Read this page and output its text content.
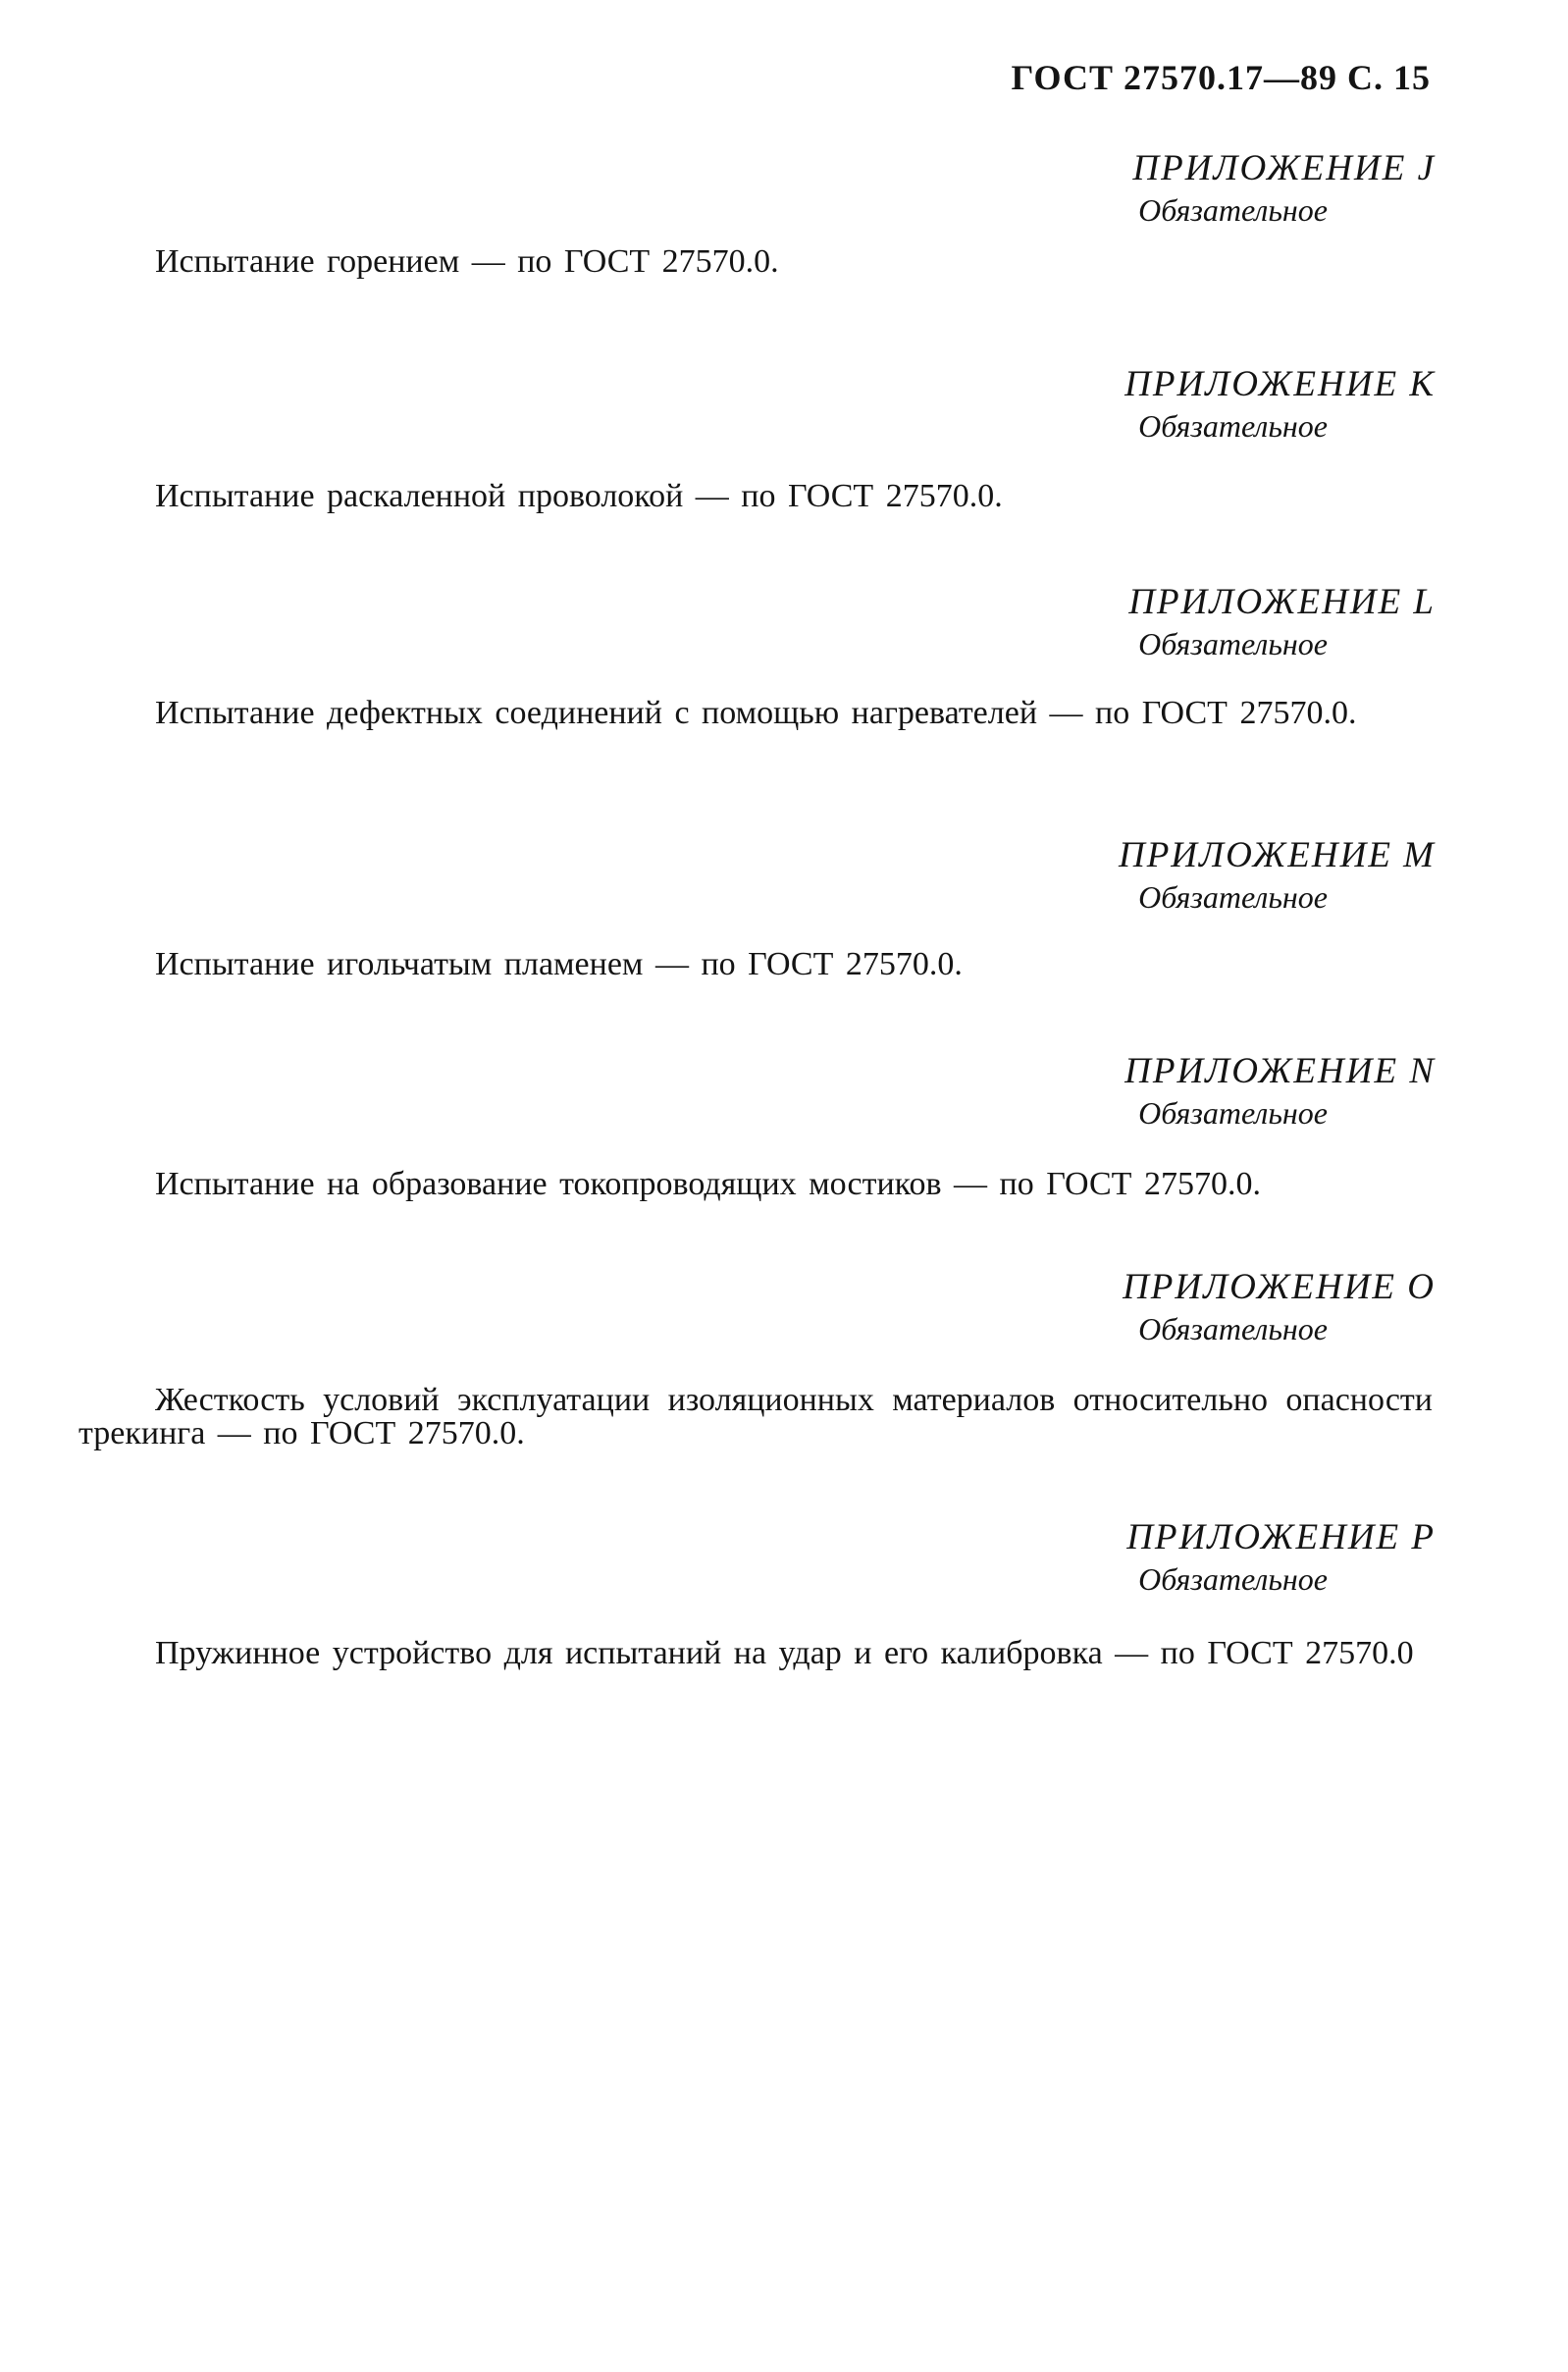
ГОСТ 27570.17—89 С. 15
ПРИЛОЖЕНИЕ J
Обязательное

Испытание горением — по ГОСТ 27570.0.

ПРИЛОЖЕНИЕ K
Обязательное

Испытание раскаленной проволокой — по ГОСТ 27570.0.

ПРИЛОЖЕНИЕ L
Обязательное

Испытание дефектных соединений с помощью нагревателей — по ГОСТ 27570.0.

ПРИЛОЖЕНИЕ M
Обязательное

Испытание игольчатым пламенем — по ГОСТ 27570.0.

ПРИЛОЖЕНИЕ N
Обязательное

Испытание на образование токопроводящих мостиков — по ГОСТ 27570.0.

ПРИЛОЖЕНИЕ O
Обязательное

Жесткость условий эксплуатации изоляционных материалов относительно опасности трекинга — по ГОСТ 27570.0.

ПРИЛОЖЕНИЕ P
Обязательное

Пружинное устройство для испытаний на удар и его калибровка — по ГОСТ 27570.0
